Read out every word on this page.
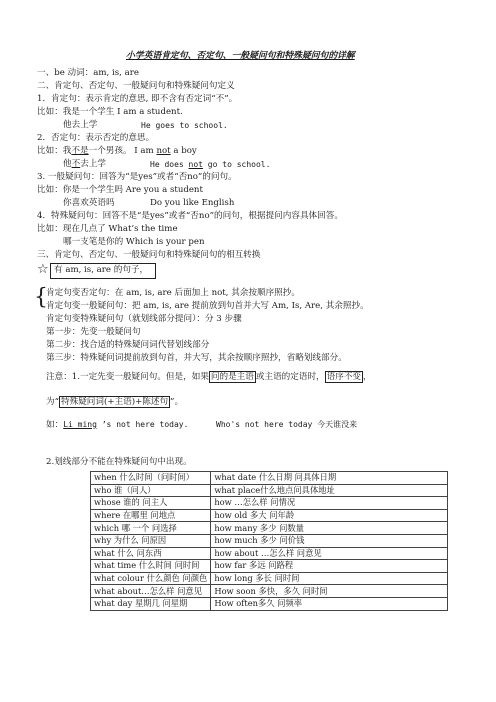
小学英语肯定句、否定句、一般疑问句和特殊疑问句的详解
一、be 动词：am, is, are
二、肯定句、否定句、一般疑问句和特殊疑问句定义
1．肯定句：表示肯定的意思, 即不含有否定词“不”。
比如：我是一个学生 I am a student.
他去上学	He goes to school.
2．否定句：表示否定的意思。
比如：我不是一个男孩。 I am not a boy
他不去上学	He does not go to school.
3. 一般疑问句：回答为“是yes”或者“否no”的问句。
比如：你是一个学生吗 Are you a student
你喜欢英语吗	Do you like English
4．特殊疑问句：回答不是“是yes”或者“否no”的问句，根据提问内容具体回答。
比如：现在几点了 What’s the time
哪一支笔是你的 Which is your pen
三、肯定句、否定句、一般疑问句和特殊疑问句的相互转换
☆ 有 am, is, are 的句子，
{
肯定句变否定句：在 am, is, are 后面加上 not, 其余按顺序照抄。
肯定句变一般疑问句：把 am, is, are 提前放到句首并大写 Am, Is, Are, 其余照抄。
肯定句变特殊疑问句（就划线部分提问）：分 3 步骤
第一步：先变一般疑问句
第二步：找合适的特殊疑问词代替划线部分
第三步：特殊疑问词提前放到句首，并大写，其余按顺序照抄，省略划线部分。
注意：1.一定先变一般疑问句。但是，如果 问的是主语 或主语的定语时， 语序不变 ，
为“ 特殊疑问词(+主语)+陈述句 ”。
如：Li ming ’s not here today.	Who's not here today 今天谁没来
2.划线部分不能在特殊疑问句中出现。
when 什么时间（问时间）	what date 什么日期 问具体日期
who 谁（问人）	what place什么地点问具体地址
whose 谁的 问主人	how …怎么样 问情况
where 在哪里 问地点	how old 多大 问年龄
which 哪 一个 问选择	how many 多少 问数量
why 为什么 问原因	how much 多少 问价钱
what 什么 问东西	how about …怎么样 问意见
what time 什么时间 问时间	how far 多远 问路程
what colour 什么颜色 问颜色	how long 多长 问时间
what about…怎么样 问意见	How soon 多快，多久 问时间
what day 星期几 问星期	How often多久 问频率
